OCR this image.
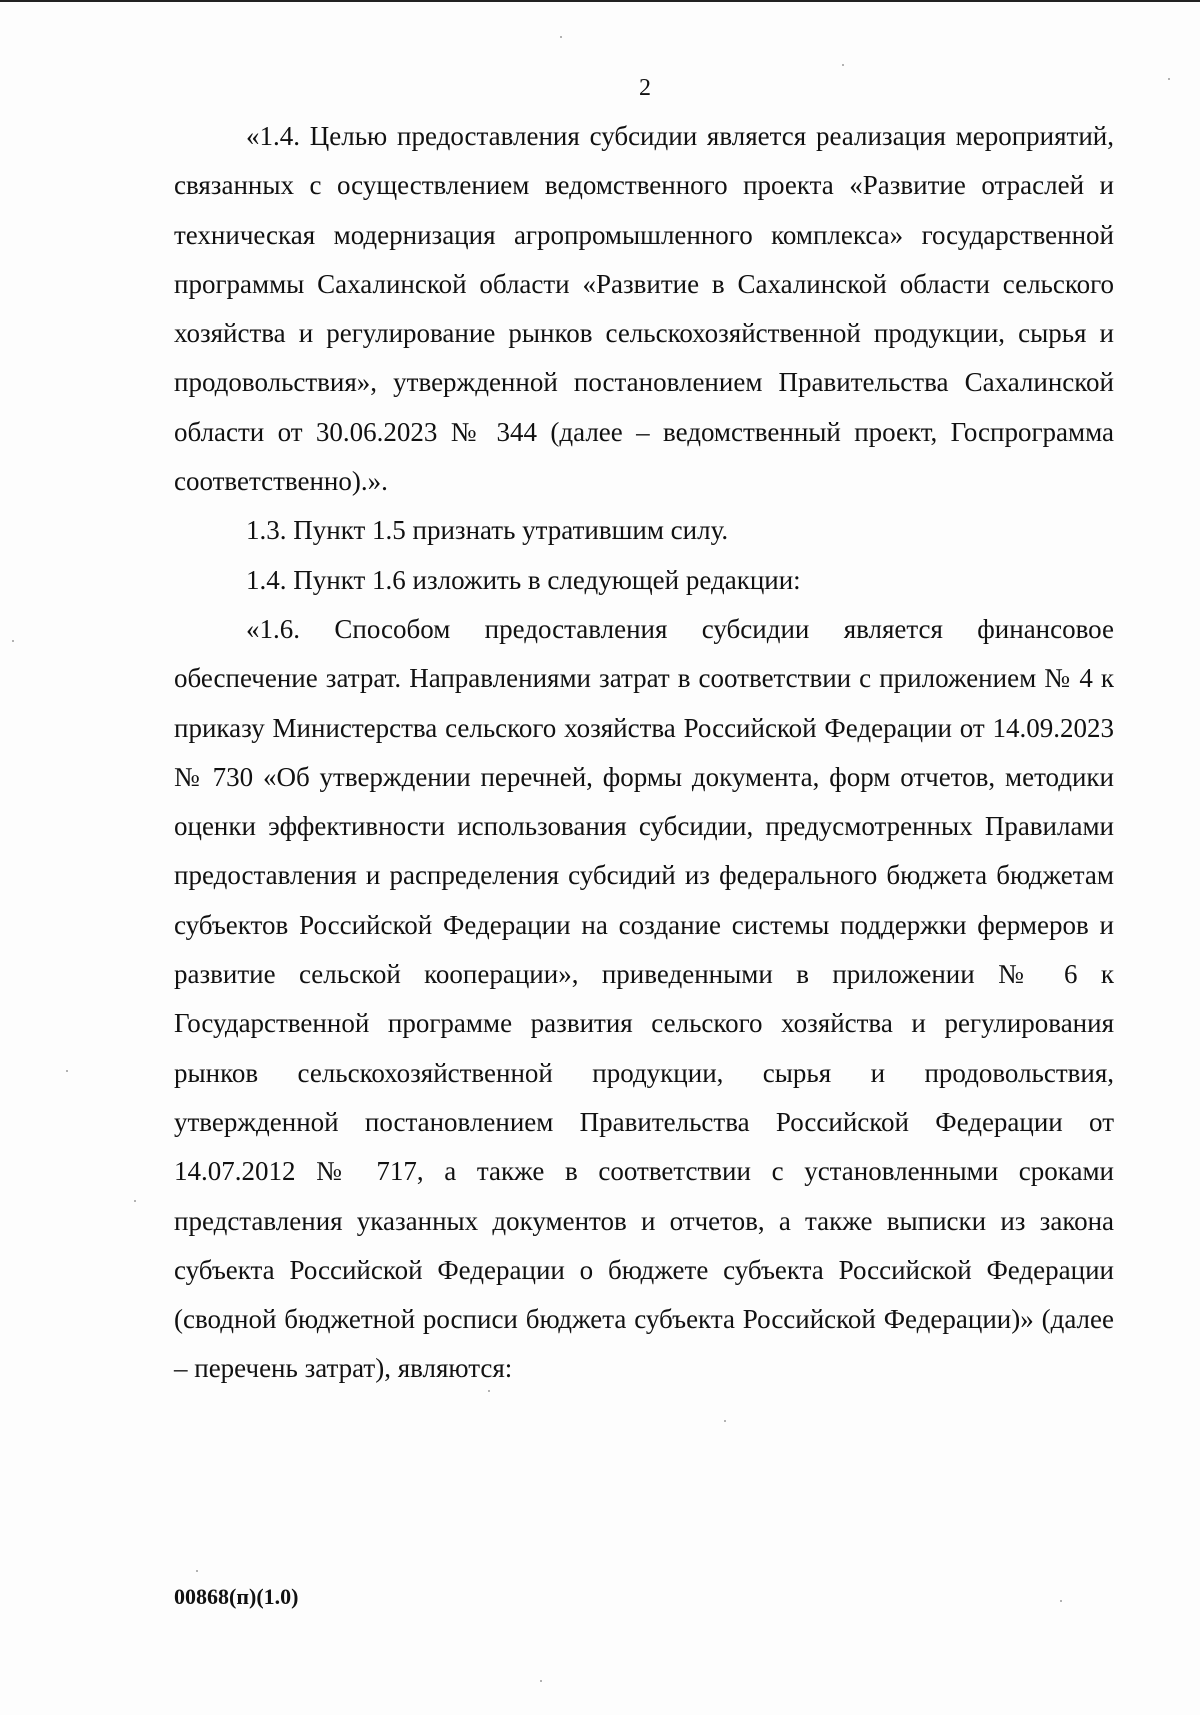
2

«1.4. Целью предоставления субсидии является реализация мероприятий, связанных с осуществлением ведомственного проекта «Развитие отраслей и техническая модернизация агропромышленного комплекса» государственной программы Сахалинской области «Развитие в Сахалинской области сельского хозяйства и регулирование рынков сельскохозяйственной продукции, сырья и продовольствия», утвержденной постановлением Правительства Сахалинской области от 30.06.2023 № 344 (далее – ведомственный проект, Госпрограмма соответственно).».

1.3. Пункт 1.5 признать утратившим силу.

1.4. Пункт 1.6 изложить в следующей редакции:

«1.6. Способом предоставления субсидии является финансовое обеспечение затрат. Направлениями затрат в соответствии с приложением № 4 к приказу Министерства сельского хозяйства Российской Федерации от 14.09.2023 № 730 «Об утверждении перечней, формы документа, форм отчетов, методики оценки эффективности использования субсидии, предусмотренных Правилами предоставления и распределения субсидий из федерального бюджета бюджетам субъектов Российской Федерации на создание системы поддержки фермеров и развитие сельской кооперации», приведенными в приложении № 6 к Государственной программе развития сельского хозяйства и регулирования рынков сельскохозяйственной продукции, сырья и продовольствия, утвержденной постановлением Правительства Российской Федерации от 14.07.2012 № 717, а также в соответствии с установленными сроками представления указанных документов и отчетов, а также выписки из закона субъекта Российской Федерации о бюджете субъекта Российской Федерации (сводной бюджетной росписи бюджета субъекта Российской Федерации)» (далее – перечень затрат), являются:

00868(п)(1.0)
